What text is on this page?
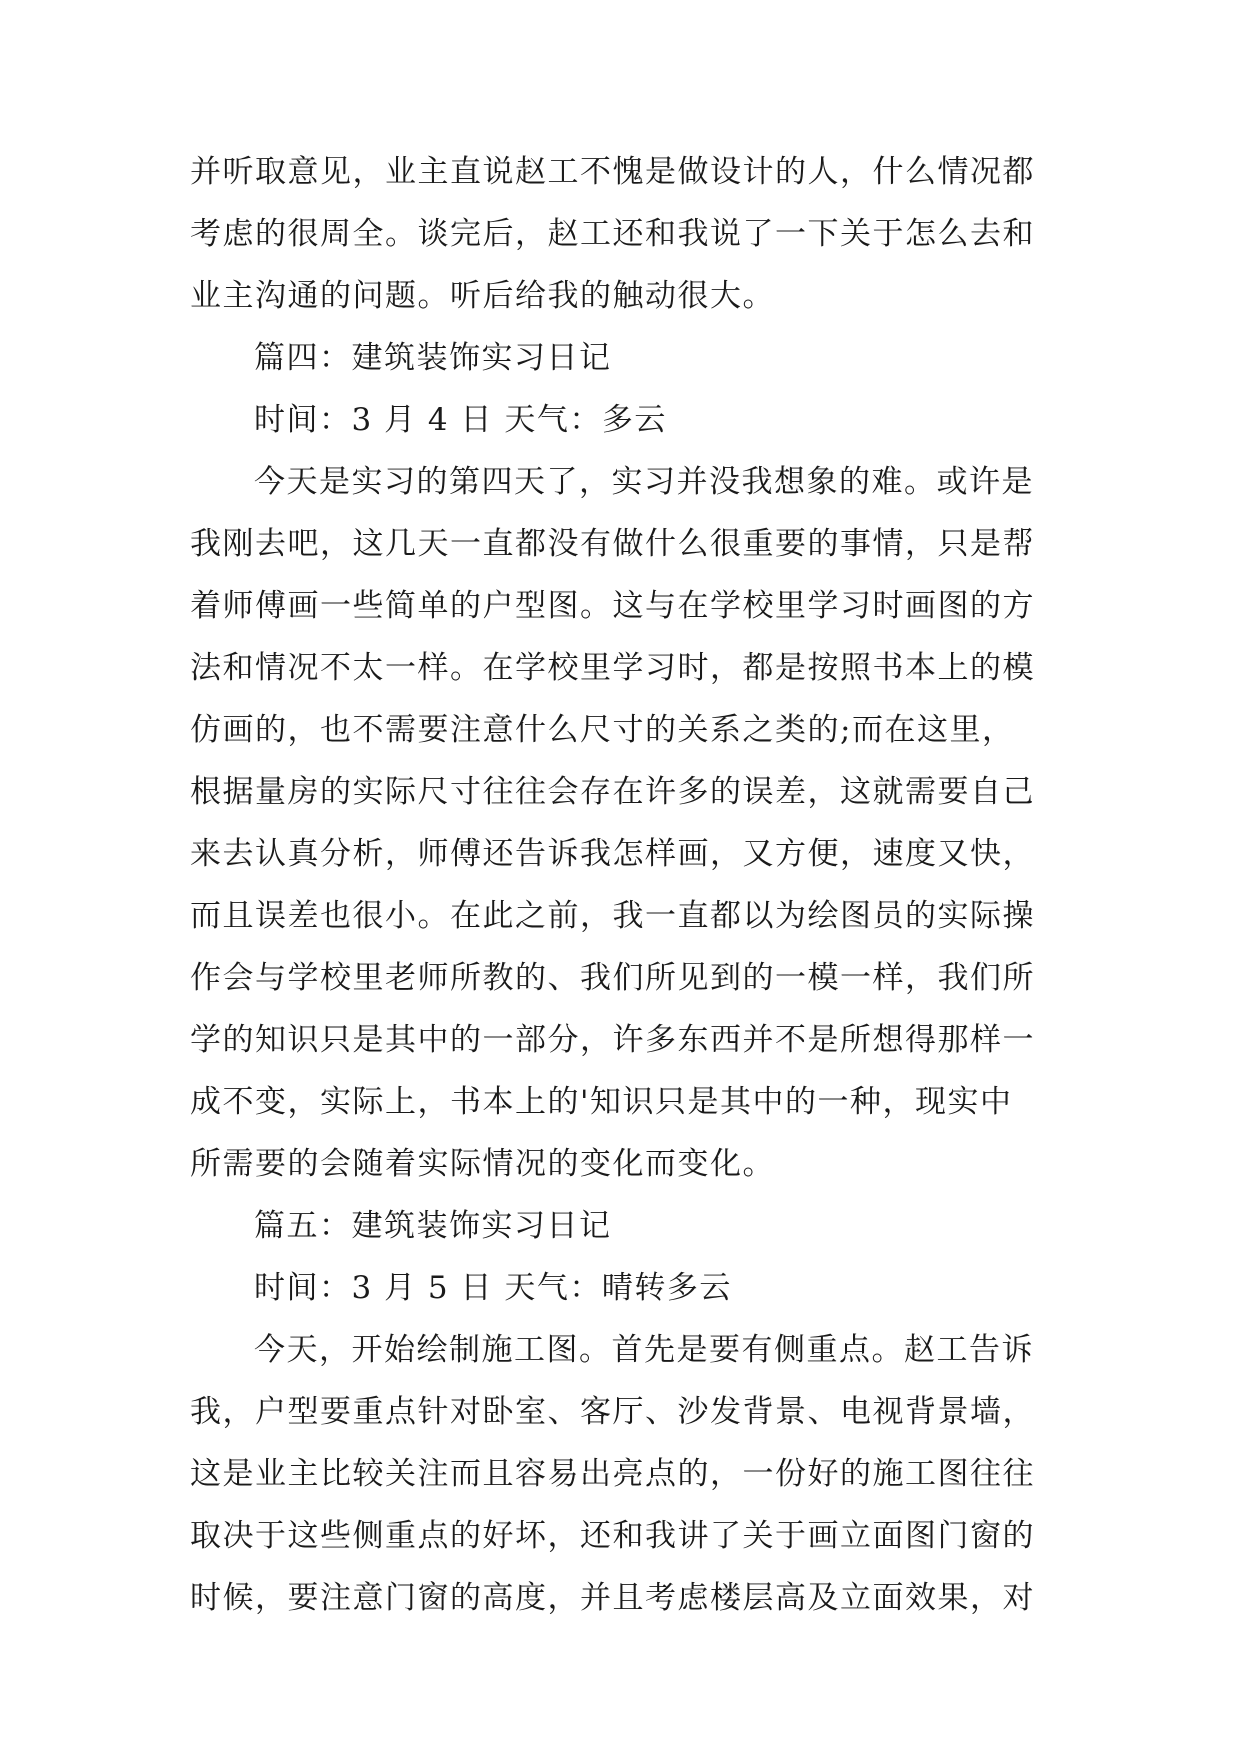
并听取意见，业主直说赵工不愧是做设计的人，什么情况都
考虑的很周全。谈完后，赵工还和我说了一下关于怎么去和
业主沟通的问题。听后给我的触动很大。
篇四：建筑装饰实习日记
时间：3 月 4 日 天气：多云
今天是实习的第四天了，实习并没我想象的难。或许是
我刚去吧，这几天一直都没有做什么很重要的事情，只是帮
着师傅画一些简单的户型图。这与在学校里学习时画图的方
法和情况不太一样。在学校里学习时，都是按照书本上的模
仿画的，也不需要注意什么尺寸的关系之类的;而在这里，
根据量房的实际尺寸往往会存在许多的误差，这就需要自己
来去认真分析，师傅还告诉我怎样画，又方便，速度又快，
而且误差也很小。在此之前，我一直都以为绘图员的实际操
作会与学校里老师所教的、我们所见到的一模一样，我们所
学的知识只是其中的一部分，许多东西并不是所想得那样一
成不变，实际上，书本上的'知识只是其中的一种，现实中
所需要的会随着实际情况的变化而变化。
篇五：建筑装饰实习日记
时间：3 月 5 日 天气：晴转多云
今天，开始绘制施工图。首先是要有侧重点。赵工告诉
我，户型要重点针对卧室、客厅、沙发背景、电视背景墙，
这是业主比较关注而且容易出亮点的，一份好的施工图往往
取决于这些侧重点的好坏，还和我讲了关于画立面图门窗的
时候，要注意门窗的高度，并且考虑楼层高及立面效果，对
